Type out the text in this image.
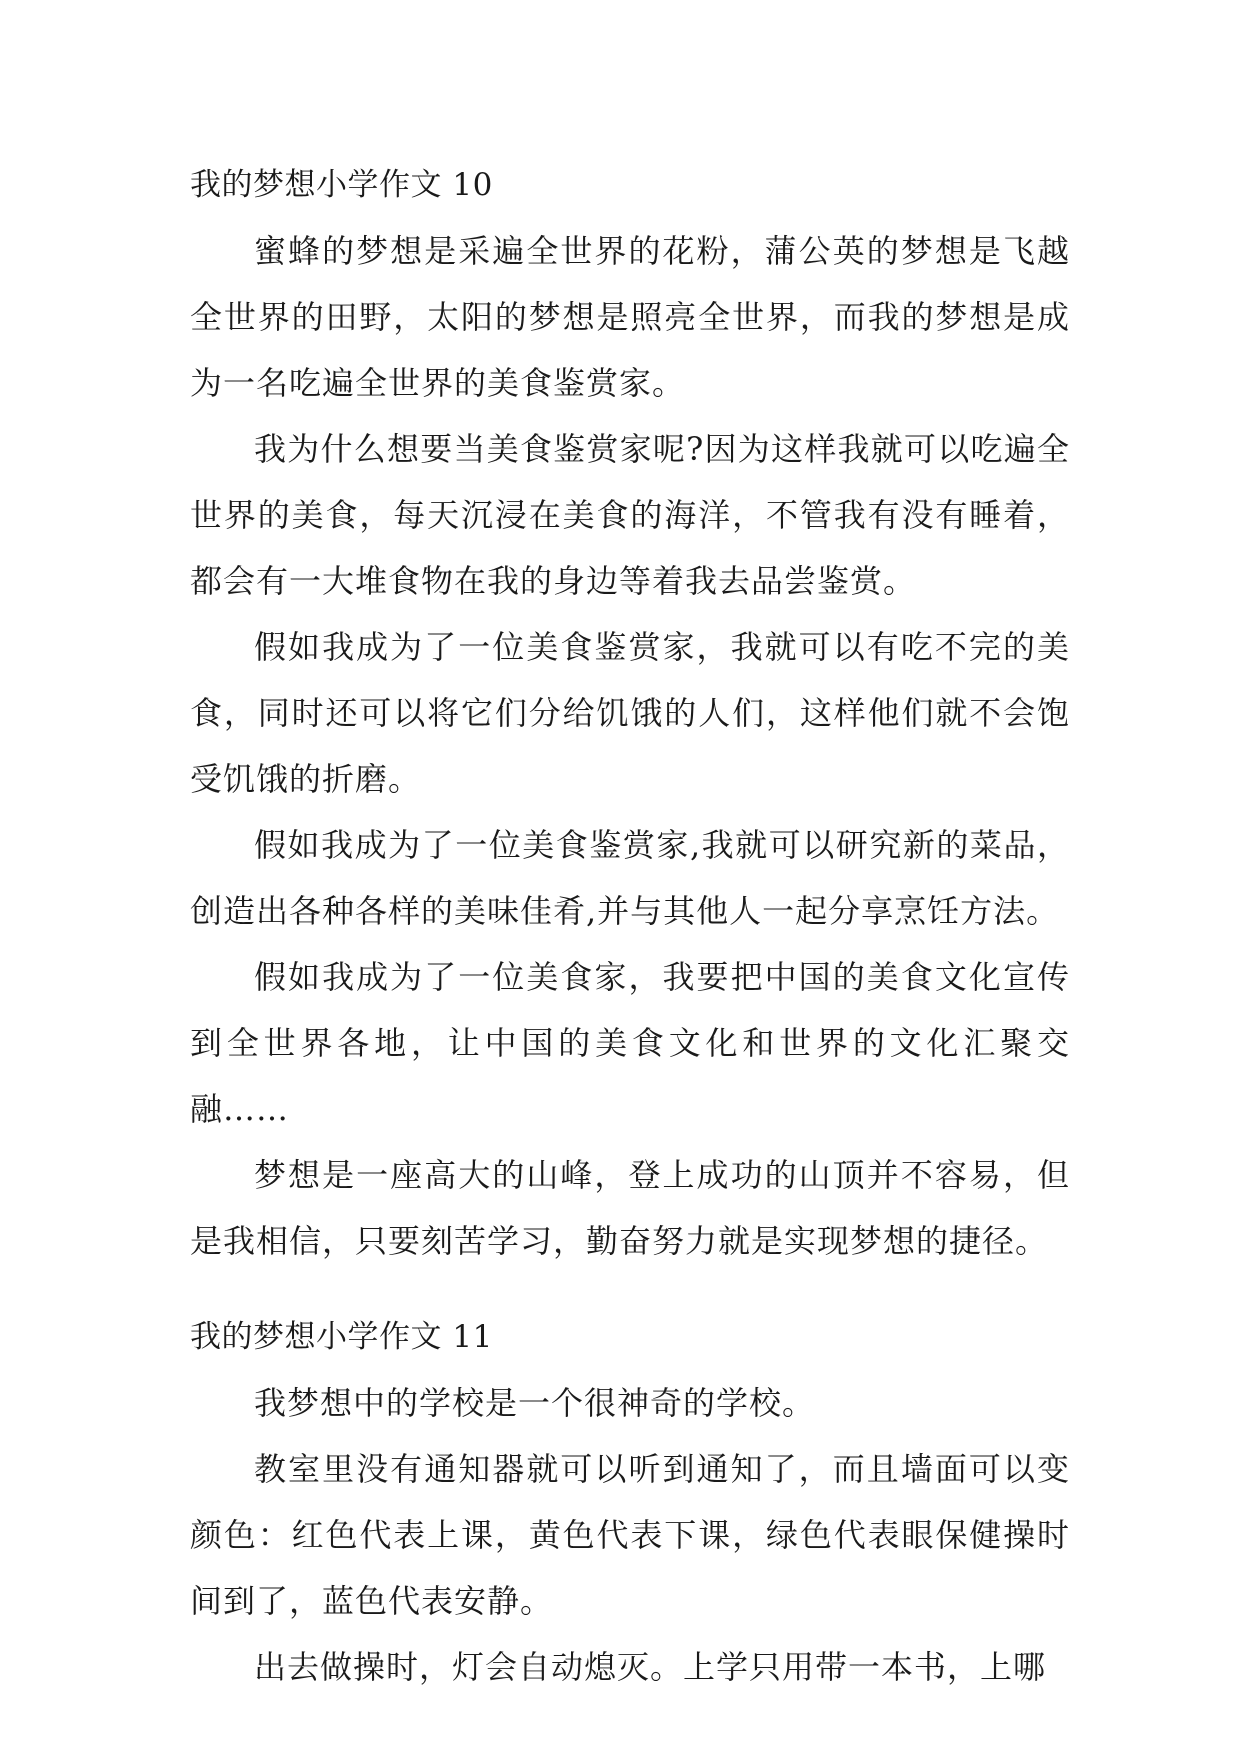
我的梦想小学作文 10

蜜蜂的梦想是采遍全世界的花粉，蒲公英的梦想是飞越全世界的田野，太阳的梦想是照亮全世界，而我的梦想是成为一名吃遍全世界的美食鉴赏家。

我为什么想要当美食鉴赏家呢?因为这样我就可以吃遍全世界的美食，每天沉浸在美食的海洋，不管我有没有睡着，都会有一大堆食物在我的身边等着我去品尝鉴赏。

假如我成为了一位美食鉴赏家，我就可以有吃不完的美食，同时还可以将它们分给饥饿的人们，这样他们就不会饱受饥饿的折磨。

假如我成为了一位美食鉴赏家,我就可以研究新的菜品，创造出各种各样的美味佳肴,并与其他人一起分享烹饪方法。

假如我成为了一位美食家，我要把中国的美食文化宣传到全世界各地，让中国的美食文化和世界的文化汇聚交融……

梦想是一座高大的山峰，登上成功的山顶并不容易，但是我相信，只要刻苦学习，勤奋努力就是实现梦想的捷径。

我的梦想小学作文 11

我梦想中的学校是一个很神奇的学校。

教室里没有通知器就可以听到通知了，而且墙面可以变颜色：红色代表上课，黄色代表下课，绿色代表眼保健操时间到了，蓝色代表安静。

出去做操时，灯会自动熄灭。上学只用带一本书，上哪
